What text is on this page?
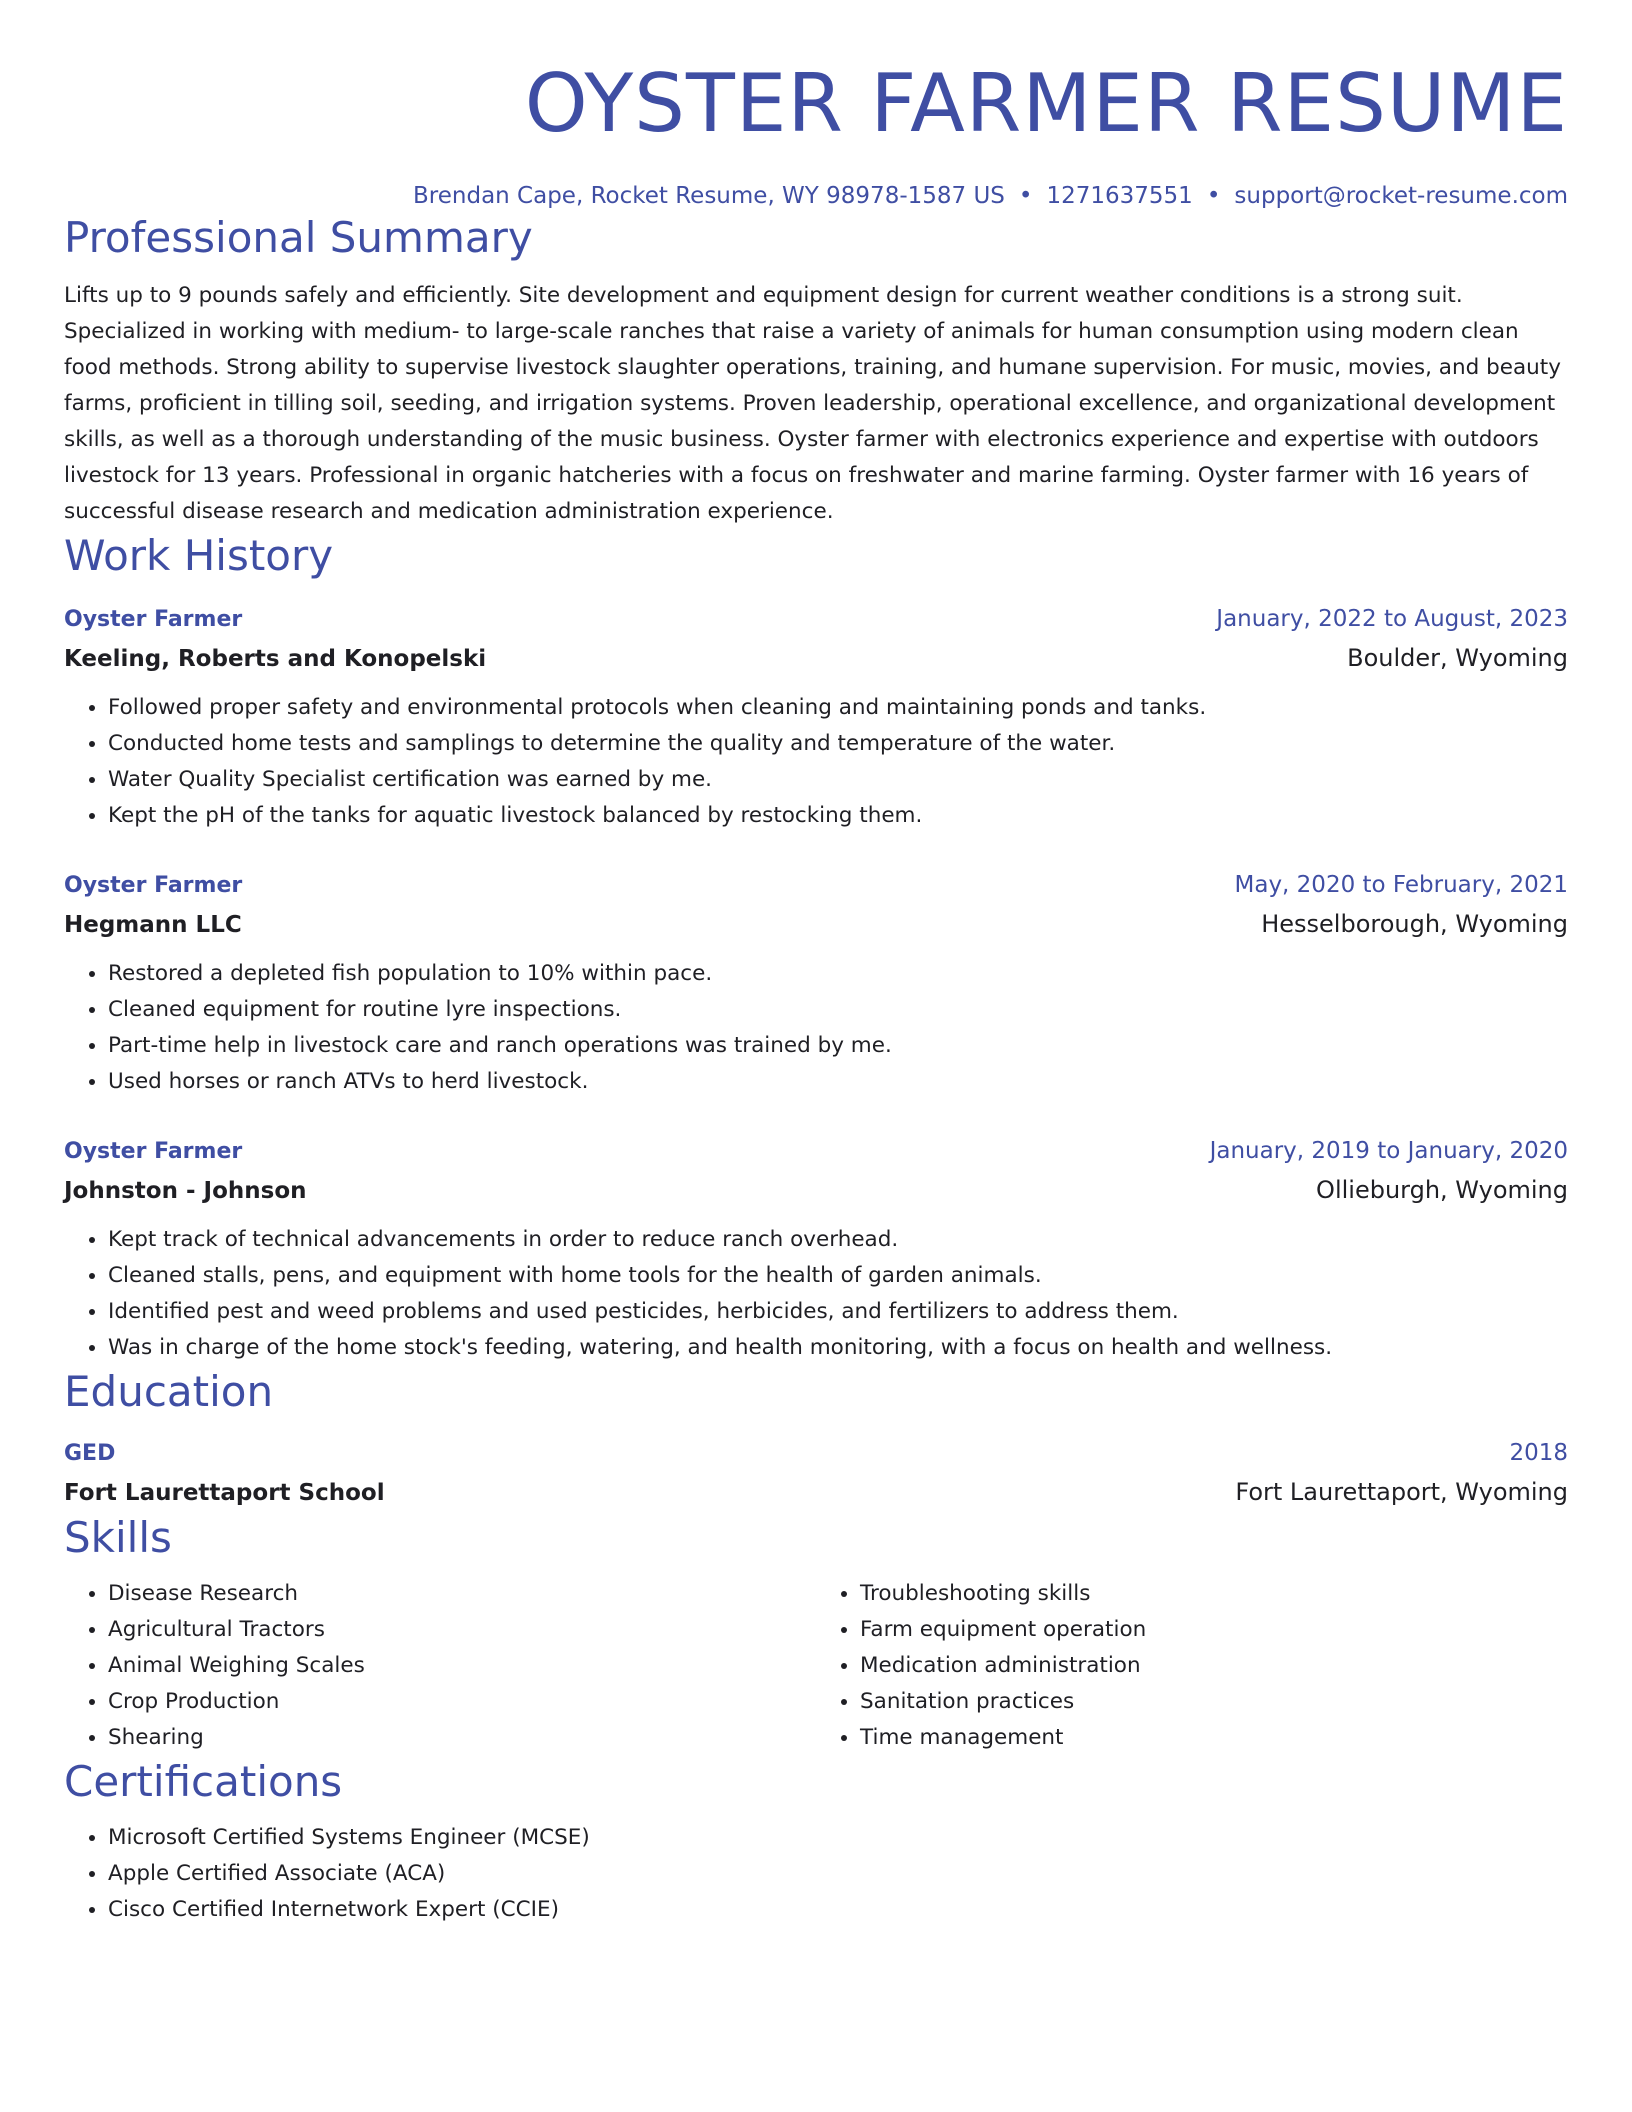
OYSTER FARMER RESUME
Brendan Cape, Rocket Resume, WY 98978-1587 US • 1271637551 • support@rocket-resume.com
Professional Summary

Lifts up to 9 pounds safely and efficiently. Site development and equipment design for current weather conditions is a strong suit. Specialized in working with medium- to large-scale ranches that raise a variety of animals for human consumption using modern clean food methods. Strong ability to supervise livestock slaughter operations, training, and humane supervision. For music, movies, and beauty farms, proficient in tilling soil, seeding, and irrigation systems. Proven leadership, operational excellence, and organizational development skills, as well as a thorough understanding of the music business. Oyster farmer with electronics experience and expertise with outdoors livestock for 13 years. Professional in organic hatcheries with a focus on freshwater and marine farming. Oyster farmer with 16 years of successful disease research and medication administration experience.

Work History
Oyster Farmer	January, 2022 to August, 2023
Keeling, Roberts and Konopelski	Boulder, Wyoming
• Followed proper safety and environmental protocols when cleaning and maintaining ponds and tanks.
• Conducted home tests and samplings to determine the quality and temperature of the water.
• Water Quality Specialist certification was earned by me.
• Kept the pH of the tanks for aquatic livestock balanced by restocking them.
Oyster Farmer	May, 2020 to February, 2021
Hegmann LLC	Hesselborough, Wyoming
• Restored a depleted fish population to 10% within pace.
• Cleaned equipment for routine lyre inspections.
• Part-time help in livestock care and ranch operations was trained by me.
• Used horses or ranch ATVs to herd livestock.
Oyster Farmer	January, 2019 to January, 2020
Johnston - Johnson	Ollieburgh, Wyoming
• Kept track of technical advancements in order to reduce ranch overhead.
• Cleaned stalls, pens, and equipment with home tools for the health of garden animals.
• Identified pest and weed problems and used pesticides, herbicides, and fertilizers to address them.
• Was in charge of the home stock's feeding, watering, and health monitoring, with a focus on health and wellness.
Education
GED	2018
Fort Laurettaport School	Fort Laurettaport, Wyoming
Skills
• Disease Research
• Agricultural Tractors
• Animal Weighing Scales
• Crop Production
• Shearing
• Troubleshooting skills
• Farm equipment operation
• Medication administration
• Sanitation practices
• Time management
Certifications
• Microsoft Certified Systems Engineer (MCSE)
• Apple Certified Associate (ACA)
• Cisco Certified Internetwork Expert (CCIE)
